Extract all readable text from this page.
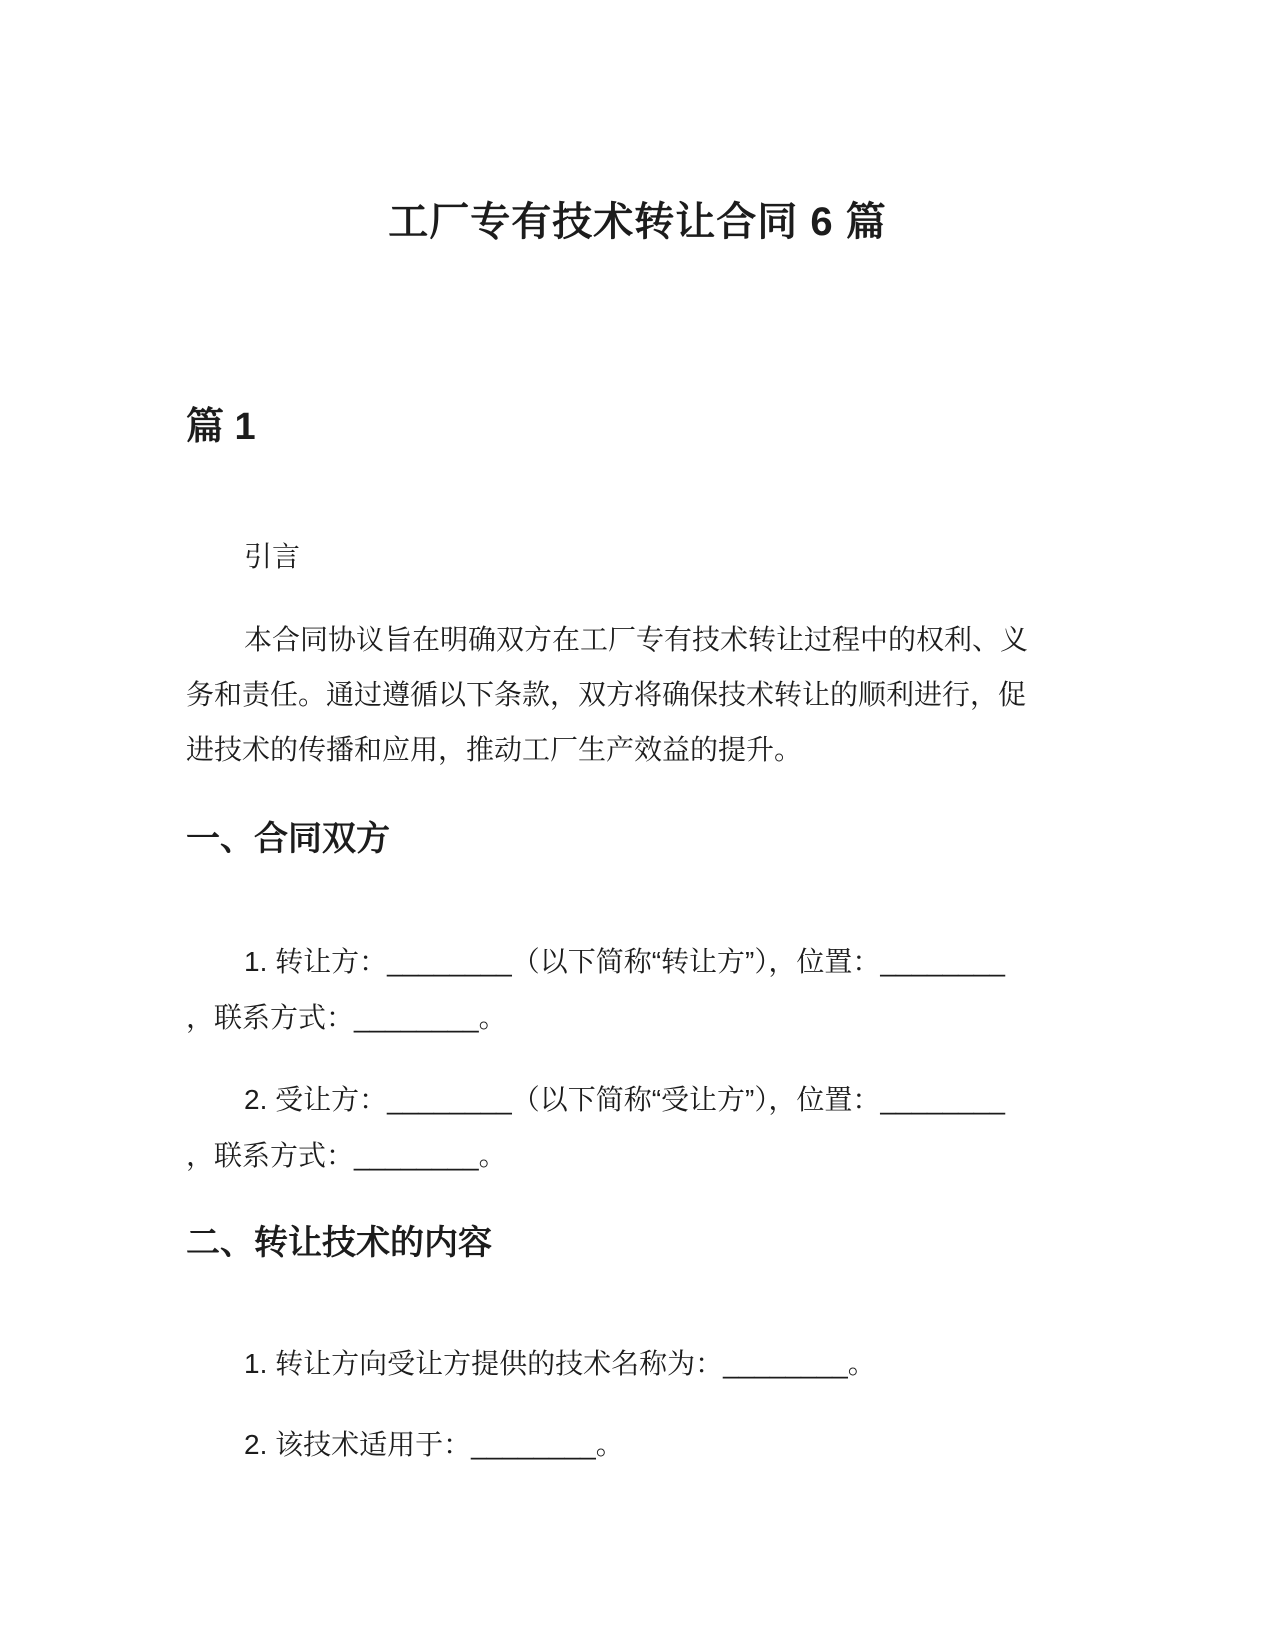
工厂专有技术转让合同 6 篇
篇 1
引言
本合同协议旨在明确双方在工厂专有技术转让过程中的权利、义
务和责任。通过遵循以下条款，双方将确保技术转让的顺利进行，促
进技术的传播和应用，推动工厂生产效益的提升。
一、合同双方
1. 转让方：________（以下简称“转让方”），位置：________
，联系方式：________。
2. 受让方：________（以下简称“受让方”），位置：________
，联系方式：________。
二、转让技术的内容
1. 转让方向受让方提供的技术名称为：________。
2. 该技术适用于：________。
